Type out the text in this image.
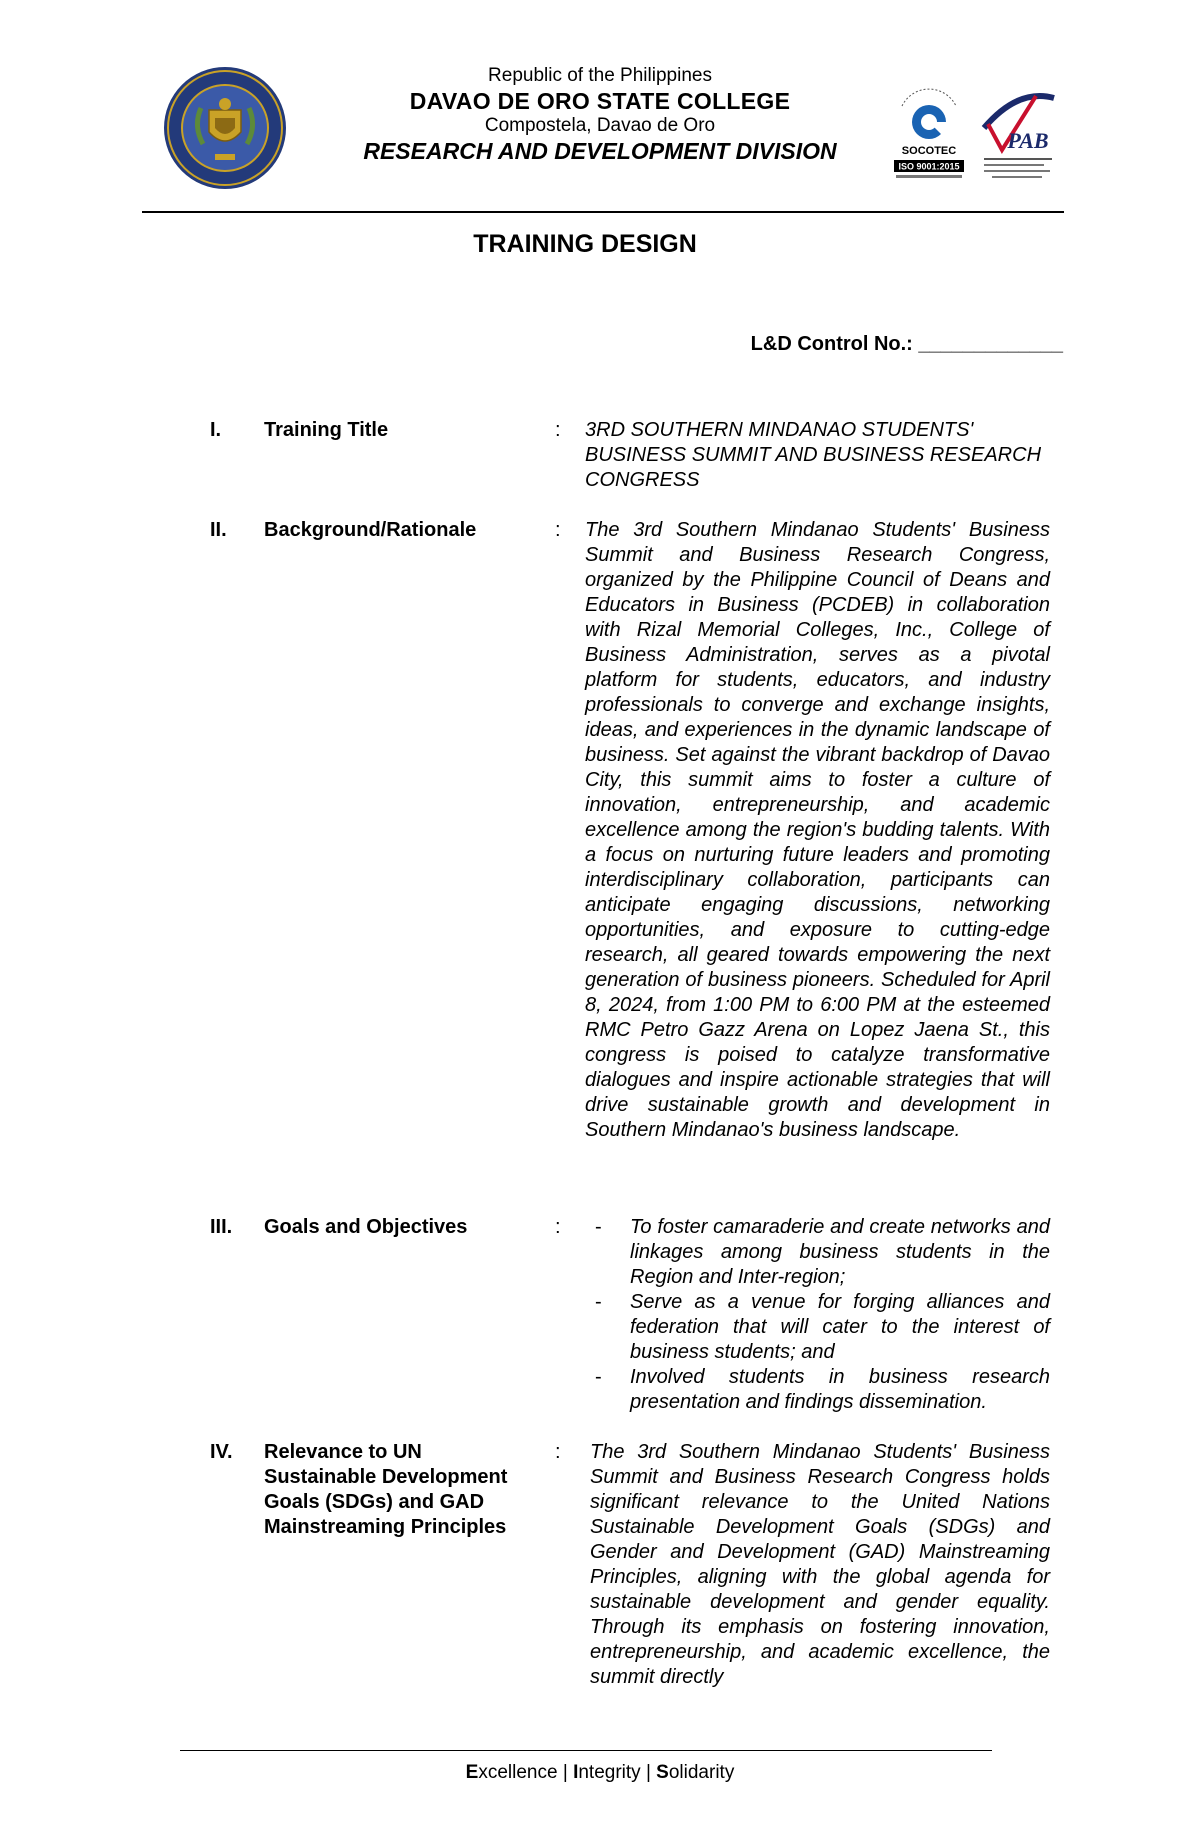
Republic of the Philippines
DAVAO DE ORO STATE COLLEGE
Compostela, Davao de Oro
RESEARCH AND DEVELOPMENT DIVISION	SOCOTEC
ISO 9001:2015
PAB
TRAINING DESIGN
L&D Control No.: _____________
I. Training Title	: 3RD SOUTHERN MINDANAO STUDENTS' BUSINESS SUMMIT AND BUSINESS RESEARCH CONGRESS
II. Background/Rationale	: The 3rd Southern Mindanao Students' Business Summit and Business Research Congress, organized by the Philippine Council of Deans and Educators in Business (PCDEB) in collaboration with Rizal Memorial Colleges, Inc., College of Business Administration, serves as a pivotal platform for students, educators, and industry professionals to converge and exchange insights, ideas, and experiences in the dynamic landscape of business. Set against the vibrant backdrop of Davao City, this summit aims to foster a culture of innovation, entrepreneurship, and academic excellence among the region's budding talents. With a focus on nurturing future leaders and promoting interdisciplinary collaboration, participants can anticipate engaging discussions, networking opportunities, and exposure to cutting-edge research, all geared towards empowering the next generation of business pioneers. Scheduled for April 8, 2024, from 1:00 PM to 6:00 PM at the esteemed RMC Petro Gazz Arena on Lopez Jaena St., this congress is poised to catalyze transformative dialogues and inspire actionable strategies that will drive sustainable growth and development in Southern Mindanao's business landscape.
III. Goals and Objectives	:
-	To foster camaraderie and create networks and linkages among business students in the Region and Inter-region;
- Serve as a venue for forging alliances and federation that will cater to the interest of business students; and
- Involved students in business research presentation and findings dissemination.
IV. Relevance to UN Sustainable Development Goals (SDGs) and GAD Mainstreaming Principles
: The 3rd Southern Mindanao Students' Business Summit and Business Research Congress holds significant relevance to the United Nations Sustainable Development Goals (SDGs) and Gender and Development (GAD) Mainstreaming Principles, aligning with the global agenda for sustainable development and gender equality. Through its emphasis on fostering innovation, entrepreneurship, and academic excellence, the summit directly
Excellence | Integrity | Solidarity
